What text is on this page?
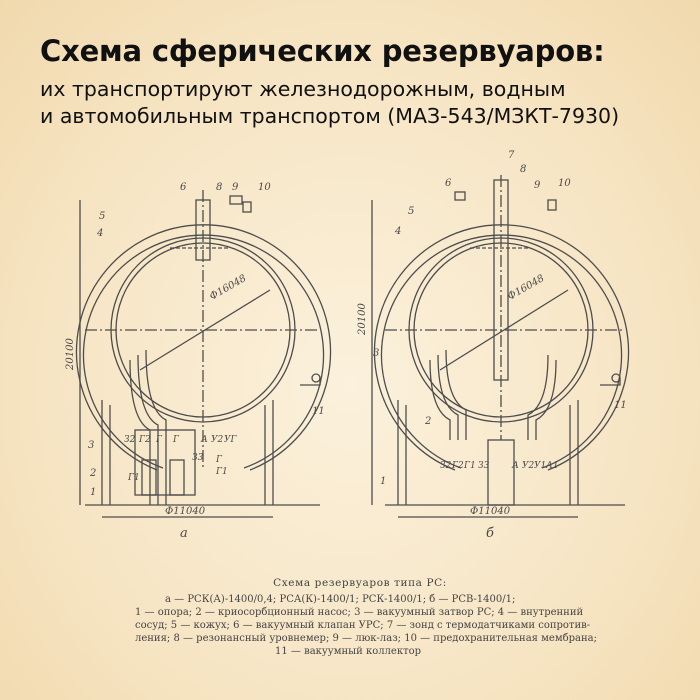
Схема сферических резервуаров:
их транспортируют железнодорожным, водным
и автомобильным транспортом (МАЗ-543/МЗКТ-7930)
Ф16048
20100
Ф11040
а
1
2
3
4
5
6	8 9 10
11
З2 Г2 Г Г
Г1
З3
А У2 УГ
Г
Г1
Ф16048
20100
Ф11040
б
1
2
3
4
5
6
7
8
9 10
11
З2 Г2 Г1 З3	А У2 У1 А1
Схема резервуаров типа РС:
а — РСК(А)-1400/0,4; РСА(К)-1400/1; РСК-1400/1; б — РСВ-1400/1;
1 — опора; 2 — криосорбционный насос; 3 — вакуумный затвор РС; 4 — внутренний
сосуд; 5 — кожух; 6 — вакуумный клапан УРС; 7 — зонд с термодатчиками сопротив-
ления; 8 — резонансный уровнемер; 9 — люк-лаз; 10 — предохранительная мембрана;
11 — вакуумный коллектор
